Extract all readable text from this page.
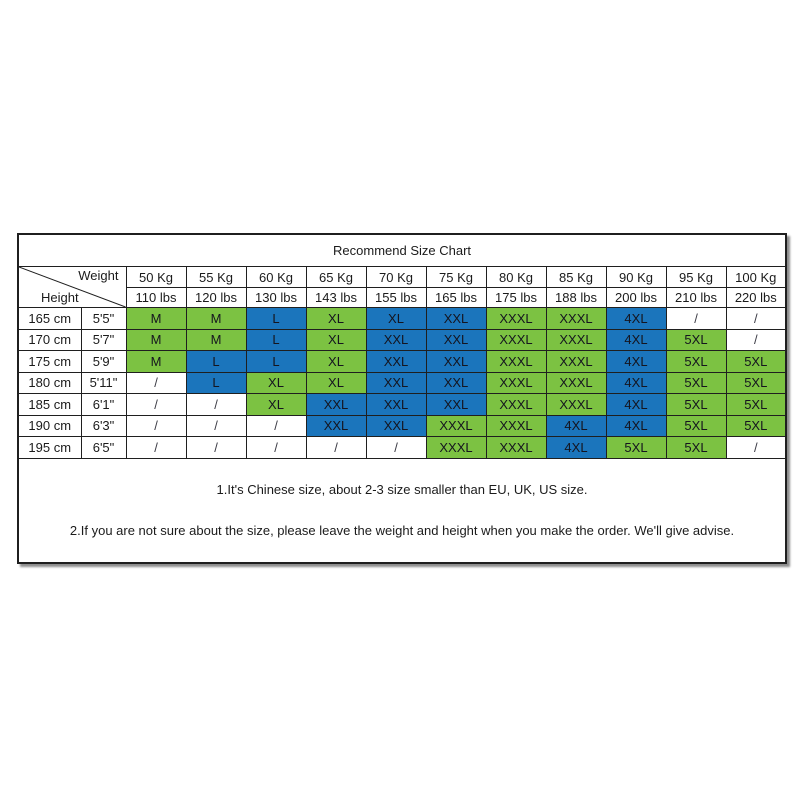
Recommend Size Chart												

Weight
Height		50 Kg	55 Kg	60 Kg	65 Kg	70 Kg	75 Kg	80 Kg	85 Kg	90 Kg	95 Kg	100 Kg
		110 lbs	120 lbs	130 lbs	143 lbs	155 lbs	165 lbs	175 lbs	188 lbs	200 lbs	210 lbs	220 lbs
165 cm	5'5"	M	M	L	XL	XL	XXL	XXXL	XXXL	4XL	/	/
170 cm	5'7"	M	M	L	XL	XXL	XXL	XXXL	XXXL	4XL	5XL	/
175 cm	5'9"	M	L	L	XL	XXL	XXL	XXXL	XXXL	4XL	5XL	5XL
180 cm	5'11"	/	L	XL	XL	XXL	XXL	XXXL	XXXL	4XL	5XL	5XL
185 cm	6'1"	/	/	XL	XXL	XXL	XXL	XXXL	XXXL	4XL	5XL	5XL
190 cm	6'3"	/	/	/	XXL	XXL	XXXL	XXXL	4XL	4XL	5XL	5XL
195 cm	6'5"	/	/	/	/	/	XXXL	XXXL	4XL	5XL	5XL	/

1.It's Chinese size, about 2-3 size smaller than EU, UK, US size.

2.If you are not sure about the size, please leave the weight and height when you make the order. We'll give advise.												
